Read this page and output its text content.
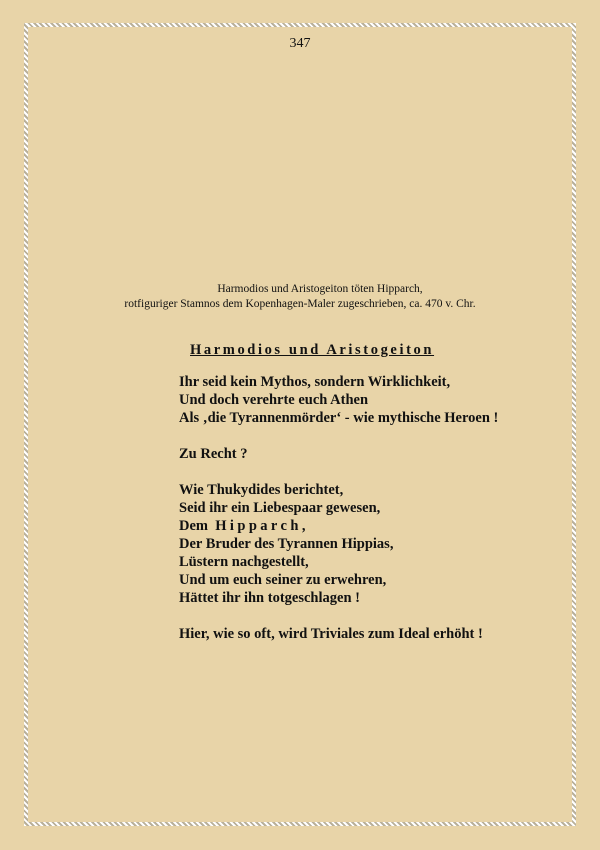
347
Harmodios und Aristogeiton töten Hipparch,
rotfiguriger Stamnos dem Kopenhagen-Maler zugeschrieben, ca. 470 v. Chr.
Harmodios und Aristogeiton
Ihr seid kein Mythos, sondern Wirklichkeit,
Und doch verehrte euch Athen
Als ‚die Tyrannenmörder‘ - wie mythische Heroen !
Zu Recht ?
Wie Thukydides berichtet,
Seid ihr ein Liebespaar gewesen,
Dem Hipparch,
Der Bruder des Tyrannen Hippias,
Lüstern nachgestellt,
Und um euch seiner zu erwehren,
Hättet ihr ihn totgeschlagen !
Hier, wie so oft, wird Triviales zum Ideal erhöht !
